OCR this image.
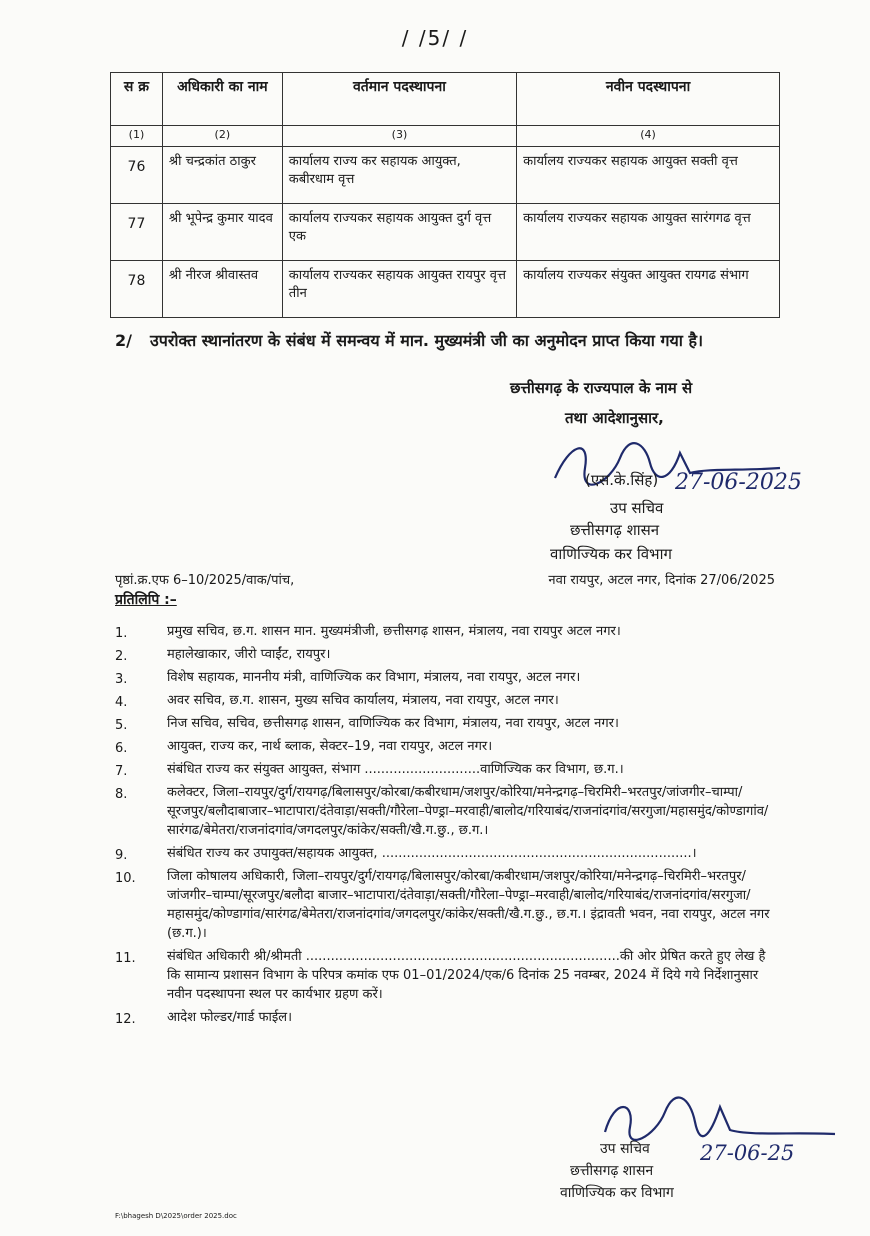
/ /5/ /
स क्र	अधिकारी का नाम	वर्तमान पदस्थापना	नवीन पदस्थापना
(1)	(2)	(3)	(4)
76	श्री चन्द्रकांत ठाकुर	कार्यालय राज्य कर सहायक आयुक्त, कबीरधाम वृत्त	कार्यालय राज्यकर सहायक आयुक्त सक्ती वृत्त
77	श्री भूपेन्द्र कुमार यादव	कार्यालय राज्यकर सहायक आयुक्त दुर्ग वृत्त एक	कार्यालय राज्यकर सहायक आयुक्त सारंगगढ वृत्त
78	श्री नीरज श्रीवास्तव	कार्यालय राज्यकर सहायक आयुक्त रायपुर वृत्त तीन	कार्यालय राज्यकर संयुक्त आयुक्त रायगढ संभाग
2/ उपरोक्त स्थानांतरण के संबंध में समन्वय में मान. मुख्यमंत्री जी का अनुमोदन प्राप्त किया गया है।
छत्तीसगढ़ के राज्यपाल के नाम से
तथा आदेशानुसार,
(एस.के.सिंह) 27-06-2025
उप सचिव
छत्तीसगढ़ शासन
वाणिज्यिक कर विभाग
पृष्ठां.क्र.एफ 6–10/2025/वाक/पांच,	नवा रायपुर, अटल नगर, दिनांक 27/06/2025
प्रतिलिपि :–
1.	प्रमुख सचिव, छ.ग. शासन मान. मुख्यमंत्रीजी, छत्तीसगढ़ शासन, मंत्रालय, नवा रायपुर अटल नगर।
2.	महालेखाकार, जीरो प्वाईंट, रायपुर।
3.	विशेष सहायक, माननीय मंत्री, वाणिज्यिक कर विभाग, मंत्रालय, नवा रायपुर, अटल नगर।
4.	अवर सचिव, छ.ग. शासन, मुख्य सचिव कार्यालय, मंत्रालय, नवा रायपुर, अटल नगर।
5.	निज सचिव, सचिव, छत्तीसगढ़ शासन, वाणिज्यिक कर विभाग, मंत्रालय, नवा रायपुर, अटल नगर।
6.	आयुक्त, राज्य कर, नार्थ ब्लाक, सेक्टर–19, नवा रायपुर, अटल नगर।
7.	संबंधित राज्य कर संयुक्त आयुक्त, संभाग ............................वाणिज्यिक कर विभाग, छ.ग.।
8.	कलेक्टर, जिला–रायपुर/दुर्ग/रायगढ़/बिलासपुर/कोरबा/कबीरधाम/जशपुर/कोरिया/मनेन्द्रगढ़–चिरमिरी–भरतपुर/जांजगीर–चाम्पा/सूरजपुर/बलौदाबाजार–भाटापारा/दंतेवाड़ा/सक्ती/गौरेला–पेण्ड्रा–मरवाही/बालोद/गरियाबंद/राजनांदगांव/सरगुजा/महासमुंद/कोण्डागांव/सारंगढ/बेमेतरा/राजनांदगांव/जगदलपुर/कांकेर/सक्ती/खै.ग.छु., छ.ग.।
9.	संबंधित राज्य कर उपायुक्त/सहायक आयुक्त, ...........................................................................।
10. जिला कोषालय अधिकारी, जिला–रायपुर/दुर्ग/रायगढ़/बिलासपुर/कोरबा/कबीरधाम/जशपुर/कोरिया/मनेन्द्रगढ़–चिरमिरी–भरतपुर/जांजगीर–चाम्पा/सूरजपुर/बलौदा बाजार–भाटापारा/दंतेवाड़ा/सक्ती/गौरेला–पेण्ड्रा–मरवाही/बालोद/गरियाबंद/राजनांदगांव/सरगुजा/महासमुंद/कोण्डागांव/सारंगढ/बेमेतरा/राजनांदगांव/जगदलपुर/कांकेर/सक्ती/खै.ग.छु., छ.ग.। इंद्रावती भवन, नवा रायपुर, अटल नगर (छ.ग.)।
11. संबंधित अधिकारी श्री/श्रीमती ............................................................................की ओर प्रेषित करते हुए लेख है कि सामान्य प्रशासन विभाग के परिपत्र कमांक एफ 01–01/2024/एक/6 दिनांक 25 नवम्बर, 2024 में दिये गये निर्देशानुसार नवीन पदस्थापना स्थल पर कार्यभार ग्रहण करें।
12. आदेश फोल्डर/गार्ड फाईल।
27-06-25
उप सचिव
छत्तीसगढ़ शासन
वाणिज्यिक कर विभाग
F:\bhagesh D\2025\order 2025.doc
